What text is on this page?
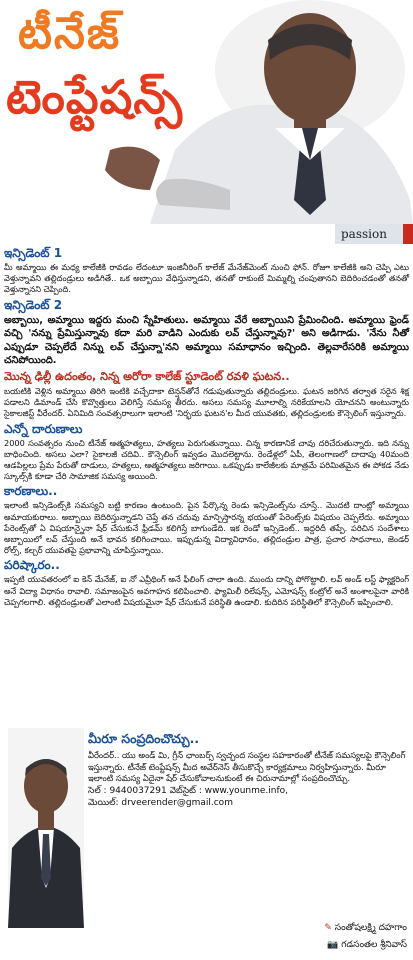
టీనేజ్
టెంప్టేషన్స్
passion

ఇన్సిడెంట్ 1

మీ అమ్మాయి ఈ మధ్య కాలేజీకి రావడం లేదంటూ ఇంజినీరింగ్ కాలేజ్ మేనేజ్‌మెంట్ నుంచి ఫోన్. రోజూ కాలేజీకి అని చెప్పి ఎటు వెళ్తున్నావని తల్లిదండ్రులు అడిగితే.. ఒక అబ్బాయి వేధిస్తున్నాడని, తనతో రాకుంటే మిమ్మల్ని చంపుతానని బెదిరించడంతో తనతో వెళ్తున్నానని చెప్పింది.

ఇన్సిడెంట్ 2

అబ్బాయి, అమ్మాయి ఇద్దరు మంచి స్నేహితులు. అమ్మాయి వేరే అబ్బాయిని ప్రేమించింది. అమ్మాయి ఫ్రెండ్ వచ్చి 'నన్ను ప్రేమిస్తున్నావు కదా మరి వాడిని ఎందుకు లవ్ చేస్తున్నావు?' అని అడిగాడు. 'నేను నీతో ఎప్పుడూ చెప్పలేదే నిన్ను లవ్ చేస్తున్నా'నని అమ్మాయి సమాధానం ఇచ్చింది. తెల్లవారేసరికి అమ్మాయి చనిపోయింది.

మొన్న ఢిల్లీ ఉదంతం, నిన్న అరోరా కాలేజ్ స్టూడెంట్ రవళి ఘటన..

బయటికి వెళ్లిన అమ్మాయి తిరిగి ఇంటికి వచ్చేదాకా టెన్షన్‌తోనే గడుపుతున్నారు తల్లిదండ్రులు. ఘటన జరిగిన తర్వాత సరైన శిక్ష పడాలని డిమాండ్ చేసి కొవ్వొత్తులు వెలిగిస్తే సమస్య తీరదు. అసలు సమస్య మూలాల్ని నరికేయాలని యోచనని అంటున్నారు సైకాలజిస్ట్ వీరేందర్. ఏనిమిది సంవత్సరాలుగా ఇలాంటి 'నిర్భయ ఘటన'ల మీద యువతకు, తల్లిదండ్రులకు కౌన్సెలింగ్ ఇస్తున్నారు.

ఎన్నో దారుణాలు

2000 సంవత్సరం నుంచి టీనేజ్ ఆత్మహత్యలు, హత్యలు పెరుగుతున్నాయి. చిన్న కారణానికే చావు దరిచేరుతున్నారు. ఇది నన్ను బాధించింది. అసలు ఎలా? సైకాలజీ చదివి.. కౌన్సెలింగ్ ఇవ్వడం మొదలెట్టాను. రెండేళ్లలో ఏపీ, తెలంగాణలో దాదాపు 40మంది ఆడపిల్లలు ప్రేమ పేరుతో దాడులు, హత్యలు, ఆత్మహత్యలు జరిగాయి. ఒకప్పుడు కాలేజీలకు మాత్రమే పరిమితమైన ఈ పోకడ నేడు స్కూల్స్‌కి కూడా చేరి సామాజిక సమస్య అయింది.

కారణాలు..

ఇలాంటి ఇన్సిడెంట్స్‌కి సమస్యని బట్టి కారణం ఉంటుంది. పైన పేర్కొన్న రెండు ఇన్సిడెంట్స్‌ను చూస్తే.. మొదటి దాంట్లో అమ్మాయి అమాయకురాలు. అబ్బాయి బెదిరిస్తున్నాడని చెప్తే తన చదువు మాన్పిస్తారన్న భయంతో పేరెంట్స్‌కు విషయం చెప్పలేదు. అమ్మాయి పేరెంట్స్‌తో ఏ విషయాన్నైనా షేర్ చేసుకునే ఫ్రీడమ్ కలిగిస్తే బాగుండేది. ఇక రెండో ఇన్సిడెంట్.. ఇద్దరిదీ తప్పే. పరిచిన సందేశాలు అబ్బాయిలో లవ్ చేస్తుంది అనే భావన కలిగించాయి. ఇప్పుడున్న విద్యావిధానం, తల్లిదండ్రుల పాత్ర, ప్రచార సాధనాలు, జెండర్ రోల్స్, కల్చర్ యువతపై ప్రభావాన్ని చూపిస్తున్నాయి.

పరిష్కారం..

ఇప్పటి యువతరంలో ఐ కెన్ మేనేజ్, ఐ నో ఎవ్రీథింగ్ అనే ఫీలింగ్ చాలా ఉంది. ముందు దాన్ని పోగొట్టాలి. లవ్ అండ్ లస్ట్ ఫ్యాక్టరింగ్ అనే విద్యా విధానం రావాలి. సమాజంపైన అవగాహన కలిపించాలి. ఫ్యామిలీ రిలేషన్స్, ఎమోషన్స్ కంట్రోల్ అనే అంశాలపైనా వారికి చెప్పగలగాలి. తల్లిదండ్రులతో ఎలాంటి విషయమైనా షేర్ చేసుకునే పరిస్థితి ఉండాలి. కుదిరిన పరిస్థితిలో కౌన్సెలింగ్ ఇప్పించాలి.

మీరూ సంప్రదించొచ్చు..

వీరేందర్.. యు అండ్ మి, గ్రీన్ ఛాంబర్స్ స్వచ్ఛంద సంస్థల సహకారంతో టీనేజ్ సమస్యలపై కౌన్సెలింగ్ ఇస్తున్నారు. టీనేజ్ టెంప్టేషన్స్ మీద అవేర్‌నెస్ తీసుకొచ్చే కార్యక్రమాలు నిర్వహిస్తున్నారు. మీరూ ఇలాంటి సమస్య ఏదైనా షేర్ చేసుకోవాలనుకుంటే ఈ చిరునామాల్లో సంప్రదించొచ్చు.

సెల్ : 9440037291 వెబ్‌సైట్ : www.younme.info,

మెయిల్: drveerender@gmail.com

✎ సంతోషలక్ష్మి దహగాం
📷 గడసంతల శ్రీనివాస్
